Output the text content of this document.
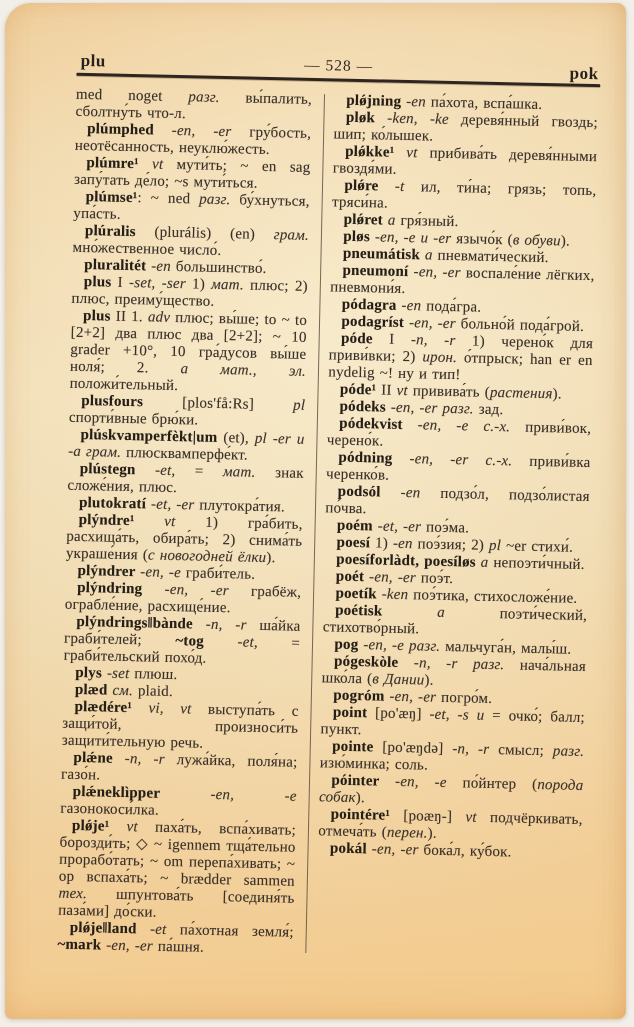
plu	— 528 —	pok

med noget разг. вы́палить, сболтну́ть что-л.

plúmphed -en, -er гру́бость, неотёсанность, неуклю́жесть.

plúmre¹ vt мути́ть; ~ en sag запу́тать де́ло; ~s мути́ться.

plúmse¹: ~ ned разг. бу́хнуться, упа́сть.

plúralis (plurális) (en) грам. мно́жественное число́.

pluralitét -en большинство́.

plus I -set, -ser 1) мат. плюс; 2) плюс, преиму́щество.

plus II 1. adv плюс; вы́ше; to ~ to [2+2] два плюс два [2+2]; ~ 10 grader +10°, 10 гра́дусов вы́ше ноля́; 2. a мат., эл. положи́тельный.

plusfours [plos'få:Rs] pl спорти́вные брю́ки.

plúskvamperfèkt|um (et), pl -er и -a грам. плюсквамперфе́кт.

plústegn -et, = мат. знак сложе́ния, плюс.

plutokratí -et, -er плутокра́тия.

plýndre¹ vt 1) гра́бить, расхища́ть, обира́ть; 2) снима́ть украше́ния (с новогодней ёлки).

plýndrer -en, -e граби́тель.

plýndring -en, -er грабёж, ограбле́ние, расхище́ние.

plýndrings‖bànde -n, -r ша́йка граби́телей; ~tog -et, = граби́тельский похо́д.

plys -set плюш.

plæd см. plaid.

plædére¹ vi, vt выступа́ть с защи́той, произноси́ть защити́тельную речь.

plǽne -n, -r лужа́йка, поля́на; газо́н.

plǽneklìpper -en, -e газонокоси́лка.

plǿje¹ vt паха́ть, вспа́хивать; борозди́ть; ◇ ~ igennem тща́тельно прорабо́тать; ~ om перепа́хивать; ~ op вспаха́ть; ~ brædder sammen тех. шпунтова́ть [соединя́ть паза́ми] до́ски.

plǿje‖land -et па́хотная земля́; ~mark -en, -er па́шня.

plǿjning -en па́хота, вспа́шка.

pløk -ken, -ke деревя́нный гвоздь; шип; ко́лышек.

plǿkke¹ vt прибива́ть деревя́нными гвоздя́ми.

plǿre -t ил, ти́на; грязь; топь, тряси́на.

plǿret a гря́зный.

pløs -en, -e и -er язычо́к (в обуви).

pneumátisk a пневмати́ческий.

pneumoní -en, -er воспале́ние лёгких, пневмони́я.

pódagra -en пода́гра.

podagríst -en, -er больно́й пода́грой.

póde I -n, -r 1) черено́к для приви́вки; 2) ирон. о́тпрыск; han er en nydelig ~! ну и тип!

póde¹ II vt привива́ть (растения).

pódeks -en, -er разг. зад.

pódekvist -en, -e с.-х. приви́вок, черено́к.

pódning -en, -er с.-х. приви́вка черенко́в.

podsól -en подзо́л, подзо́листая по́чва.

poém -et, -er поэ́ма.

poesí 1) -en поэ́зия; 2) pl ~er стихи́.

poesíforlàdt, poesíløs a непоэти́чный.

poét -en, -er поэ́т.

poetík -ken поэ́тика, стихосложе́ние.

poétisk a поэти́ческий, стихотво́рный.

pog -en, -e разг. мальчуга́н, малы́ш.

pógeskòle -n, -r разг. нача́льная шко́ла (в Дании).

pogróm -en, -er погро́м.

point [po'æŋ] -et, -s и = очко́; балл; пункт.

pointe [po'æŋdə] -n, -r смысл; разг. изю́минка; соль.

póinter -en, -e по́йнтер (порода собак).

pointére¹ [poæŋ-] vt подчёркивать, отмеча́ть (перен.).

pokál -en, -er бока́л, ку́бок.
